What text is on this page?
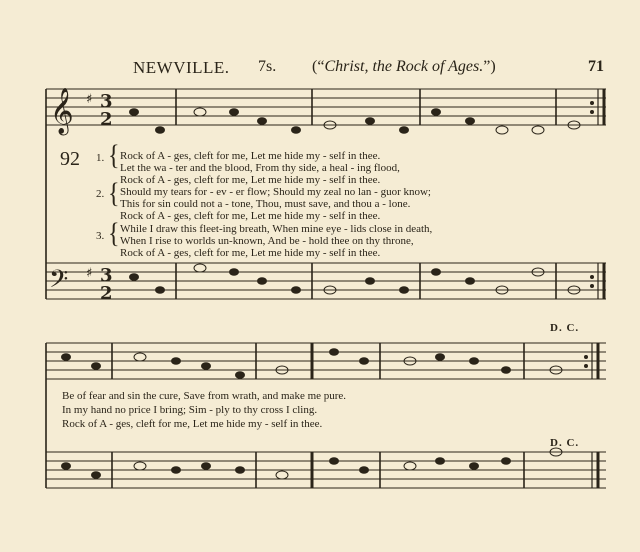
NEWVILLE. 7s. (“Christ, the Rock of Ages.”)	71
𝄞
𝄢
♯
♯
3
2
3
2
92 1.
2.
3.
{
{
{
Rock of A - ges, cleft for me, Let me hide my - self in thee.
Let the wa - ter and the blood, From thy side, a heal - ing flood,
Rock of A - ges, cleft for me, Let me hide my - self in thee.
Should my tears for - ev - er flow; Should my zeal no lan - guor know;
This for sin could not a - tone, Thou, must save, and thou a - lone.
Rock of A - ges, cleft for me, Let me hide my - self in thee.
While I draw this fleet-ing breath, When mine eye - lids close in death,
When I rise to worlds un-known, And be - hold thee on thy throne,
Rock of A - ges, cleft for me, Let me hide my - self in thee.
D. C.
D. C.
Be of fear and sin the cure, Save from wrath, and make me pure.
In my hand no price I bring; Sim - ply to thy cross I cling.
Rock of A - ges, cleft for me, Let me hide my - self in thee.
